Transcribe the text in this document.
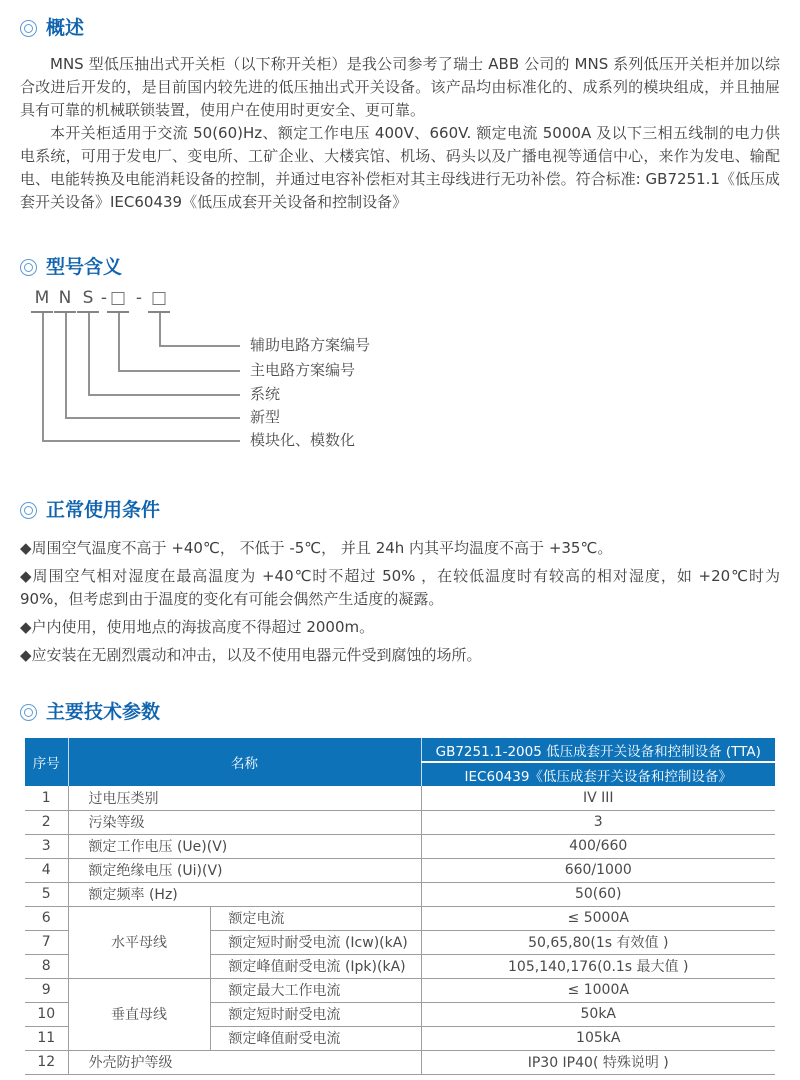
概述

MNS 型低压抽出式开关柜（以下称开关柜）是我公司参考了瑞士 ABB 公司的 MNS 系列低压开关柜并加以综合改进后开发的，是目前国内较先进的低压抽出式开关设备。该产品均由标准化的、成系列的模块组成，并且抽屉具有可靠的机械联锁装置，使用户在使用时更安全、更可靠。

本开关柜适用于交流 50(60)Hz、额定工作电压 400V、660V. 额定电流 5000A 及以下三相五线制的电力供电系统，可用于发电厂、变电所、工矿企业、大楼宾馆、机场、码头以及广播电视等通信中心，来作为发电、输配电、电能转换及电能消耗设备的控制，并通过电容补偿柜对其主母线进行无功补偿。符合标准: GB7251.1《低压成套开关设备》IEC60439《低压成套开关设备和控制设备》

型号含义
M N S - -
辅助电路方案编号
主电路方案编号
系统
新型
模块化、模数化
正常使用条件

◆周围空气温度不高于 +40℃， 不低于 -5℃， 并且 24h 内其平均温度不高于 +35℃。

◆周围空气相对湿度在最高温度为 +40℃时不超过 50% ，在较低温度时有较高的相对湿度，如 +20℃时为 90%，但考虑到由于温度的变化有可能会偶然产生适度的凝露。

◆户内使用，使用地点的海拔高度不得超过 2000m。

◆应安装在无剧烈震动和冲击，以及不使用电器元件受到腐蚀的场所。

主要技术参数
序号	名称		GB7251.1-2005 低压成套开关设备和控制设备 (TTA)
			IEC60439《低压成套开关设备和控制设备》
1	过电压类别		IV III
2	污染等级		3
3	额定工作电压 (Ue)(V)		400/660
4	额定绝缘电压 (Ui)(V)		660/1000
5	额定频率 (Hz)		50(60)
6	水平母线	额定电流	≤ 5000A
7		额定短时耐受电流 (Icw)(kA)	50,65,80(1s 有效值 )
8		额定峰值耐受电流 (Ipk)(kA)	105,140,176(0.1s 最大值 )
9	垂直母线	额定最大工作电流	≤ 1000A
10		额定短时耐受电流	50kA
11		额定峰值耐受电流	105kA
12	外壳防护等级		IP30 IP40( 特殊说明 )
